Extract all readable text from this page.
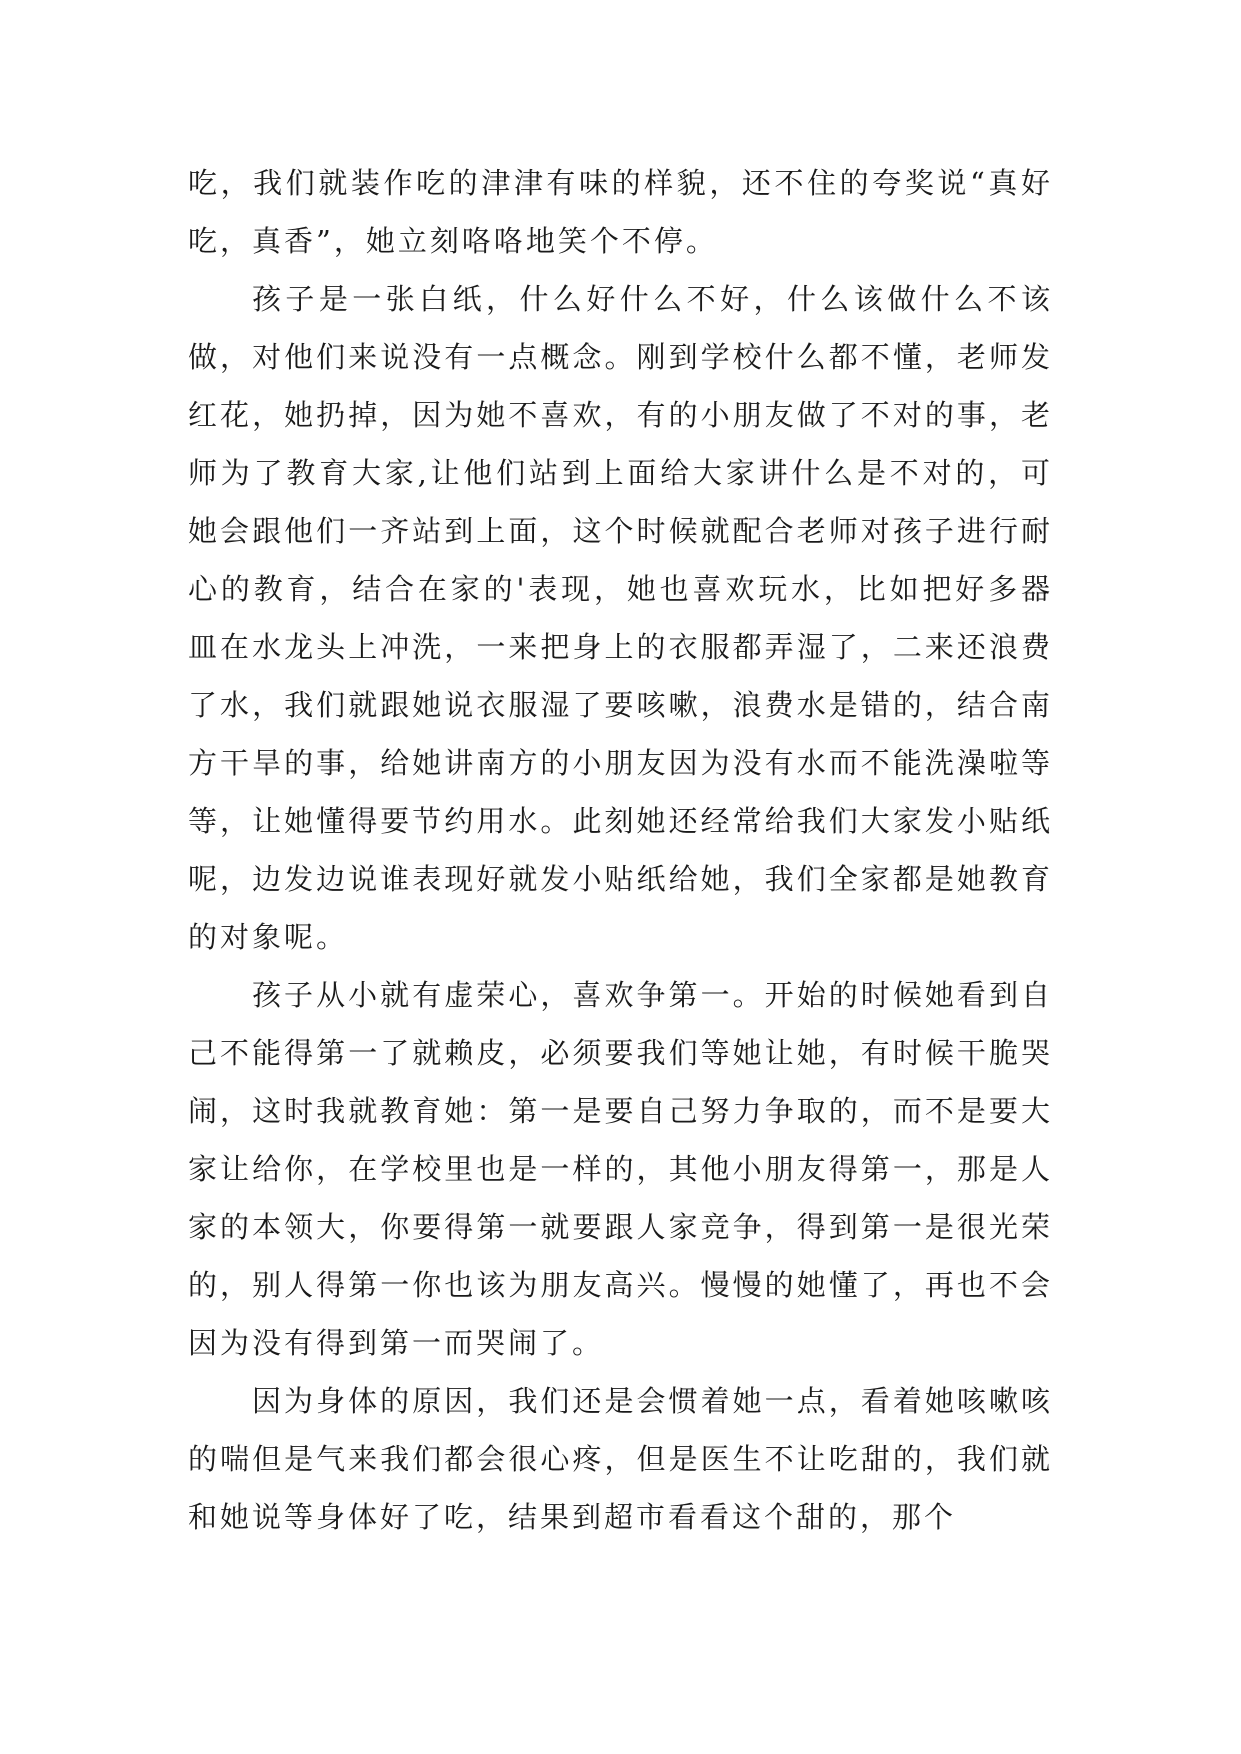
吃，我们就装作吃的津津有味的样貌，还不住的夸奖说“真好吃，真香”，她立刻咯咯地笑个不停。

孩子是一张白纸，什么好什么不好，什么该做什么不该做，对他们来说没有一点概念。刚到学校什么都不懂，老师发红花，她扔掉，因为她不喜欢，有的小朋友做了不对的事，老师为了教育大家,让他们站到上面给大家讲什么是不对的，可她会跟他们一齐站到上面，这个时候就配合老师对孩子进行耐心的教育，结合在家的'表现，她也喜欢玩水，比如把好多器皿在水龙头上冲洗，一来把身上的衣服都弄湿了，二来还浪费了水，我们就跟她说衣服湿了要咳嗽，浪费水是错的，结合南方干旱的事，给她讲南方的小朋友因为没有水而不能洗澡啦等等，让她懂得要节约用水。此刻她还经常给我们大家发小贴纸呢，边发边说谁表现好就发小贴纸给她，我们全家都是她教育的对象呢。

孩子从小就有虚荣心，喜欢争第一。开始的时候她看到自己不能得第一了就赖皮，必须要我们等她让她，有时候干脆哭闹，这时我就教育她：第一是要自己努力争取的，而不是要大家让给你，在学校里也是一样的，其他小朋友得第一，那是人家的本领大，你要得第一就要跟人家竞争，得到第一是很光荣的，别人得第一你也该为朋友高兴。慢慢的她懂了，再也不会因为没有得到第一而哭闹了。

因为身体的原因，我们还是会惯着她一点，看着她咳嗽咳的喘但是气来我们都会很心疼，但是医生不让吃甜的，我们就和她说等身体好了吃，结果到超市看看这个甜的，那个
